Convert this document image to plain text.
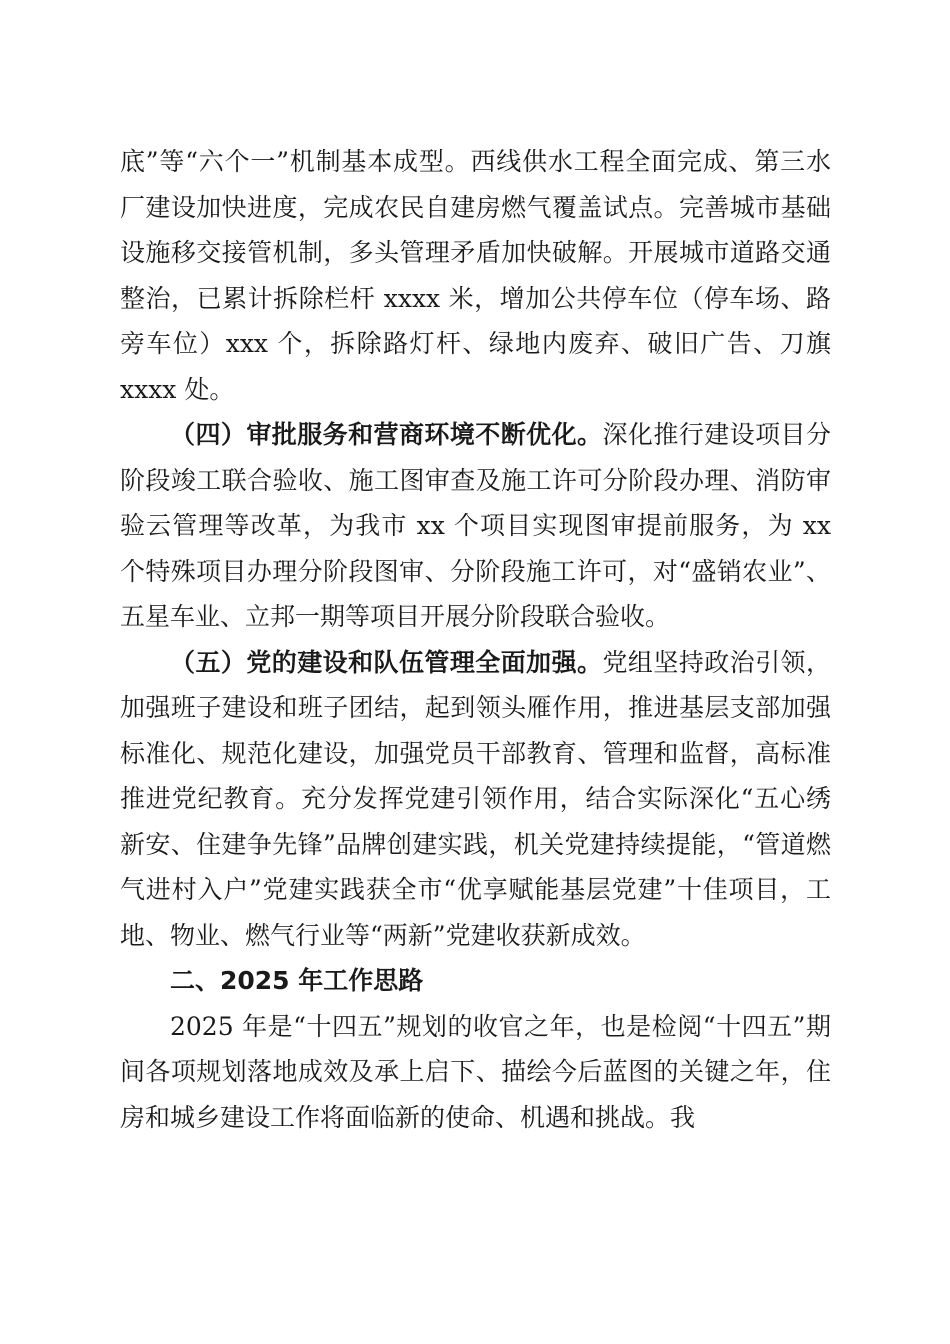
底”等“六个一”机制基本成型。西线供水工程全面完成、第三水厂建设加快进度，完成农民自建房燃气覆盖试点。完善城市基础设施移交接管机制，多头管理矛盾加快破解。开展城市道路交通整治，已累计拆除栏杆 xxxx 米，增加公共停车位（停车场、路旁车位）xxx 个，拆除路灯杆、绿地内废弃、破旧广告、刀旗 xxxx 处。

（四）审批服务和营商环境不断优化。深化推行建设项目分阶段竣工联合验收、施工图审查及施工许可分阶段办理、消防审验云管理等改革，为我市 xx 个项目实现图审提前服务，为 xx 个特殊项目办理分阶段图审、分阶段施工许可，对“盛销农业”、五星车业、立邦一期等项目开展分阶段联合验收。

（五）党的建设和队伍管理全面加强。党组坚持政治引领，加强班子建设和班子团结，起到领头雁作用，推进基层支部加强标准化、规范化建设，加强党员干部教育、管理和监督，高标准推进党纪教育。充分发挥党建引领作用，结合实际深化“五心绣新安、住建争先锋”品牌创建实践，机关党建持续提能，“管道燃气进村入户”党建实践获全市“优享赋能基层党建”十佳项目，工地、物业、燃气行业等“两新”党建收获新成效。

二、2025 年工作思路

2025 年是“十四五”规划的收官之年，也是检阅“十四五”期间各项规划落地成效及承上启下、描绘今后蓝图的关键之年，住房和城乡建设工作将面临新的使命、机遇和挑战。我
